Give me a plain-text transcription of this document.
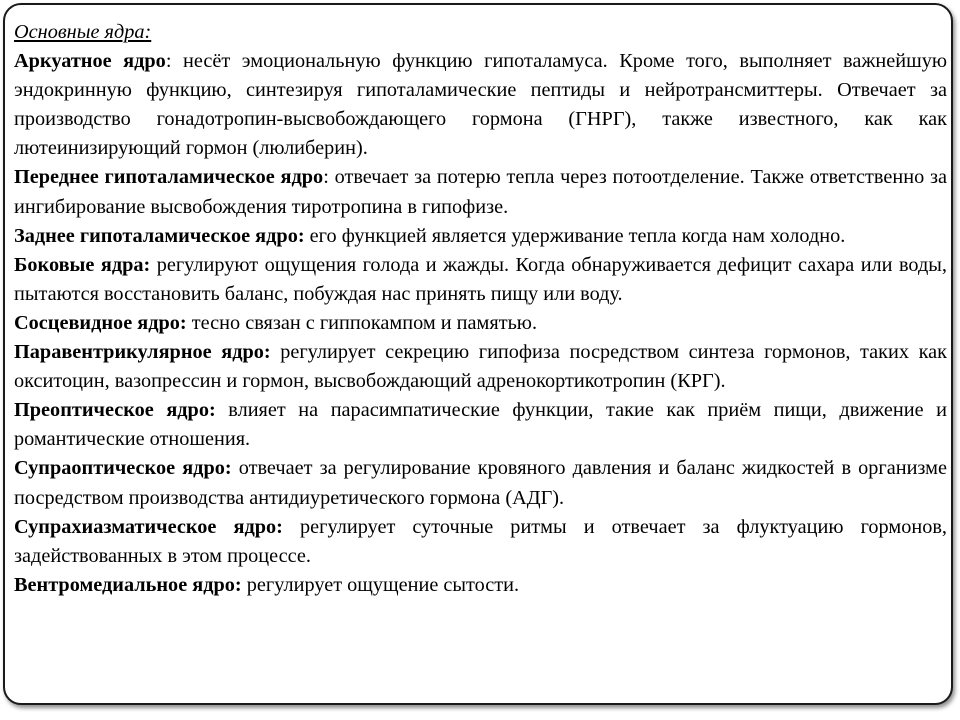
Основные ядра:

Аркуатное ядро: несёт эмоциональную функцию гипоталамуса. Кроме того, выполняет важнейшую эндокринную функцию, синтезируя гипоталамические пептиды и нейротрансмиттеры. Отвечает за производство гонадотропин-высвобождающего гормона (ГНРГ), также известного, как как лютеинизирующий гормон (люлиберин).

Переднее гипоталамическое ядро: отвечает за потерю тепла через потоотделение. Также ответственно за ингибирование высвобождения тиротропина в гипофизе.

Заднее гипоталамическое ядро: его функцией является удерживание тепла когда нам холодно.

Боковые ядра: регулируют ощущения голода и жажды. Когда обнаруживается дефицит сахара или воды, пытаются восстановить баланс, побуждая нас принять пищу или воду.

Сосцевидное ядро: тесно связан с гиппокампом и памятью.

Паравентрикулярное ядро: регулирует секрецию гипофиза посредством синтеза гормонов, таких как окситоцин, вазопрессин и гормон, высвобождающий адренокортикотропин (КРГ).

Преоптическое ядро: влияет на парасимпатические функции, такие как приём пищи, движение и романтические отношения.

Супраоптическое ядро: отвечает за регулирование кровяного давления и баланс жидкостей в организме посредством производства антидиуретического гормона (АДГ).

Супрахиазматическое ядро: регулирует суточные ритмы и отвечает за флуктуацию гормонов, задействованных в этом процессе.

Вентромедиальное ядро: регулирует ощущение сытости.
